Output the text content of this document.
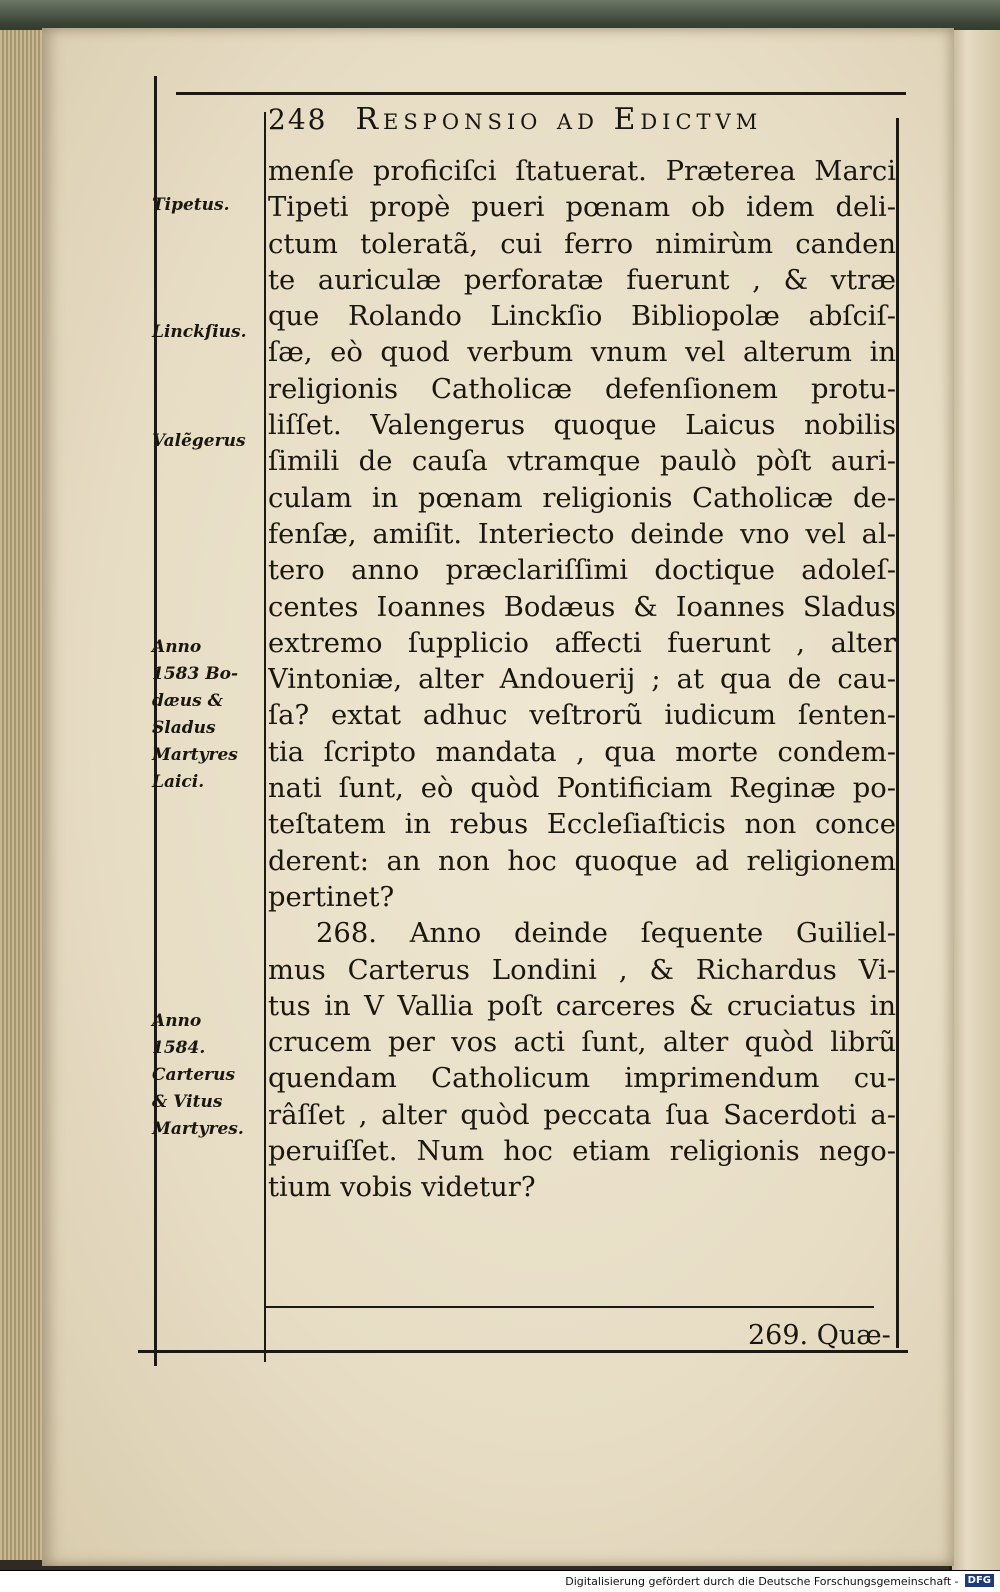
248 Responsio ad Edictvm
menſe proficiſci ſtatuerat. Præterea Marci
Tipeti propè pueri pœnam ob idem deli-
ctum toleratã, cui ferro nimirùm canden
te auriculæ perforatæ fuerunt , & vtræ
que Rolando Linckſio Bibliopolæ abſciſ-
ſæ, eò quod verbum vnum vel alterum in
religionis Catholicæ defenſionem protu-
liſſet. Valengerus quoque Laicus nobilis
ſimili de cauſa vtramque paulò pòſt auri-
culam in pœnam religionis Catholicæ de-
fenſæ, amiſit. Interiecto deinde vno vel al-
tero anno præclariſſimi doctique adoleſ-
centes Ioannes Bodæus & Ioannes Sladus
extremo ſupplicio affecti fuerunt , alter
Vintoniæ, alter Andouerij ; at qua de cau-
ſa? extat adhuc veſtrorũ iudicum ſenten-
tia ſcripto mandata , qua morte condem-
nati ſunt, eò quòd Pontificiam Reginæ po-
teſtatem in rebus Eccleſiaſticis non conce
derent: an non hoc quoque ad religionem
pertinet?
268. Anno deinde ſequente Guiliel-
mus Carterus Londini , & Richardus Vi-
tus in V Vallia poſt carceres & cruciatus in
crucem per vos acti ſunt, alter quòd librũ
quendam Catholicum imprimendum cu-
râſſet , alter quòd peccata ſua Sacerdoti a-
peruiſſet. Num hoc etiam religionis nego-
tium vobis videtur?
Tipetus.
Linckſius.
Valẽgerus
Anno
1583 Bo-
dæus &
Sladus
Martyres
Laici.
Anno
1584.
Carterus
& Vitus
Martyres.
269. Quæ-
Digitalisierung gefördert durch die Deutsche Forschungsgemeinschaft - DFG
